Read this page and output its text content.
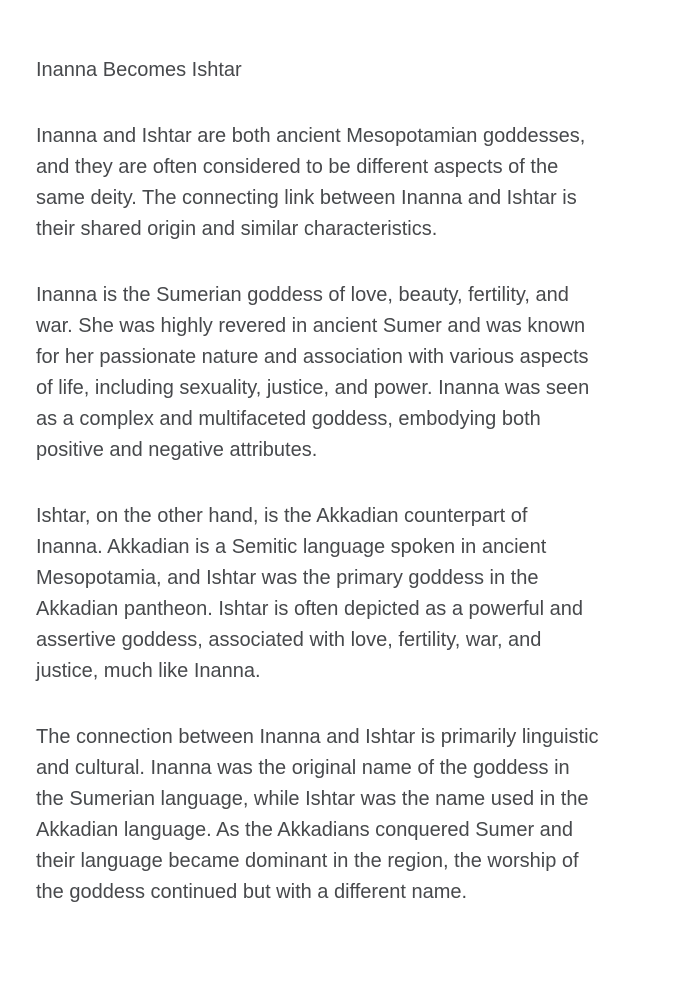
Inanna Becomes Ishtar
Inanna and Ishtar are both ancient Mesopotamian goddesses,
and they are often considered to be different aspects of the
same deity. The connecting link between Inanna and Ishtar is
their shared origin and similar characteristics.
Inanna is the Sumerian goddess of love, beauty, fertility, and
war. She was highly revered in ancient Sumer and was known
for her passionate nature and association with various aspects
of life, including sexuality, justice, and power. Inanna was seen
as a complex and multifaceted goddess, embodying both
positive and negative attributes.
Ishtar, on the other hand, is the Akkadian counterpart of
Inanna. Akkadian is a Semitic language spoken in ancient
Mesopotamia, and Ishtar was the primary goddess in the
Akkadian pantheon. Ishtar is often depicted as a powerful and
assertive goddess, associated with love, fertility, war, and
justice, much like Inanna.
The connection between Inanna and Ishtar is primarily linguistic
and cultural. Inanna was the original name of the goddess in
the Sumerian language, while Ishtar was the name used in the
Akkadian language. As the Akkadians conquered Sumer and
their language became dominant in the region, the worship of
the goddess continued but with a different name.
